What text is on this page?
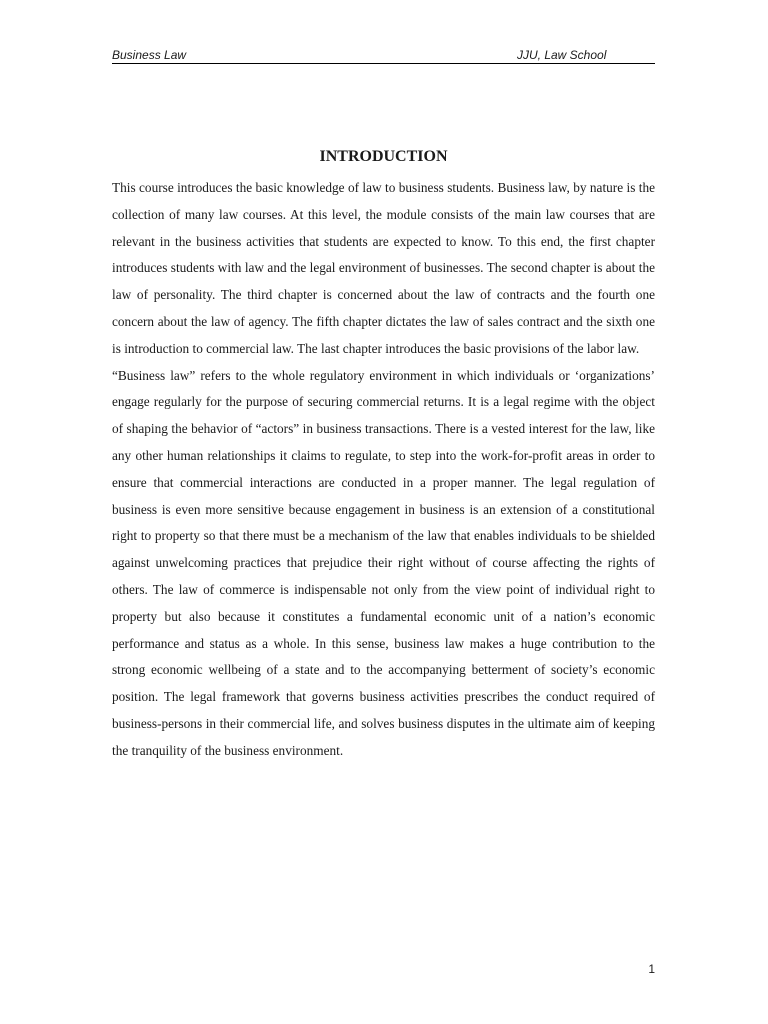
Business Law	JJU, Law School
INTRODUCTION

This course introduces the basic knowledge of law to business students. Business law, by nature is the collection of many law courses. At this level, the module consists of the main law courses that are relevant in the business activities that students are expected to know. To this end, the first chapter introduces students with law and the legal environment of businesses. The second chapter is about the law of personality. The third chapter is concerned about the law of contracts and the fourth one concern about the law of agency. The fifth chapter dictates the law of sales contract and the sixth one is introduction to commercial law. The last chapter introduces the basic provisions of the labor law.

“Business law” refers to the whole regulatory environment in which individuals or ‘organizations’ engage regularly for the purpose of securing commercial returns. It is a legal regime with the object of shaping the behavior of “actors” in business transactions. There is a vested interest for the law, like any other human relationships it claims to regulate, to step into the work-for-profit areas in order to ensure that commercial interactions are conducted in a proper manner. The legal regulation of business is even more sensitive because engagement in business is an extension of a constitutional right to property so that there must be a mechanism of the law that enables individuals to be shielded against unwelcoming practices that prejudice their right without of course affecting the rights of others. The law of commerce is indispensable not only from the view point of individual right to property but also because it constitutes a fundamental economic unit of a nation’s economic performance and status as a whole. In this sense, business law makes a huge contribution to the strong economic wellbeing of a state and to the accompanying betterment of society’s economic position. The legal framework that governs business activities prescribes the conduct required of business-persons in their commercial life, and solves business disputes in the ultimate aim of keeping the tranquility of the business environment.

1
